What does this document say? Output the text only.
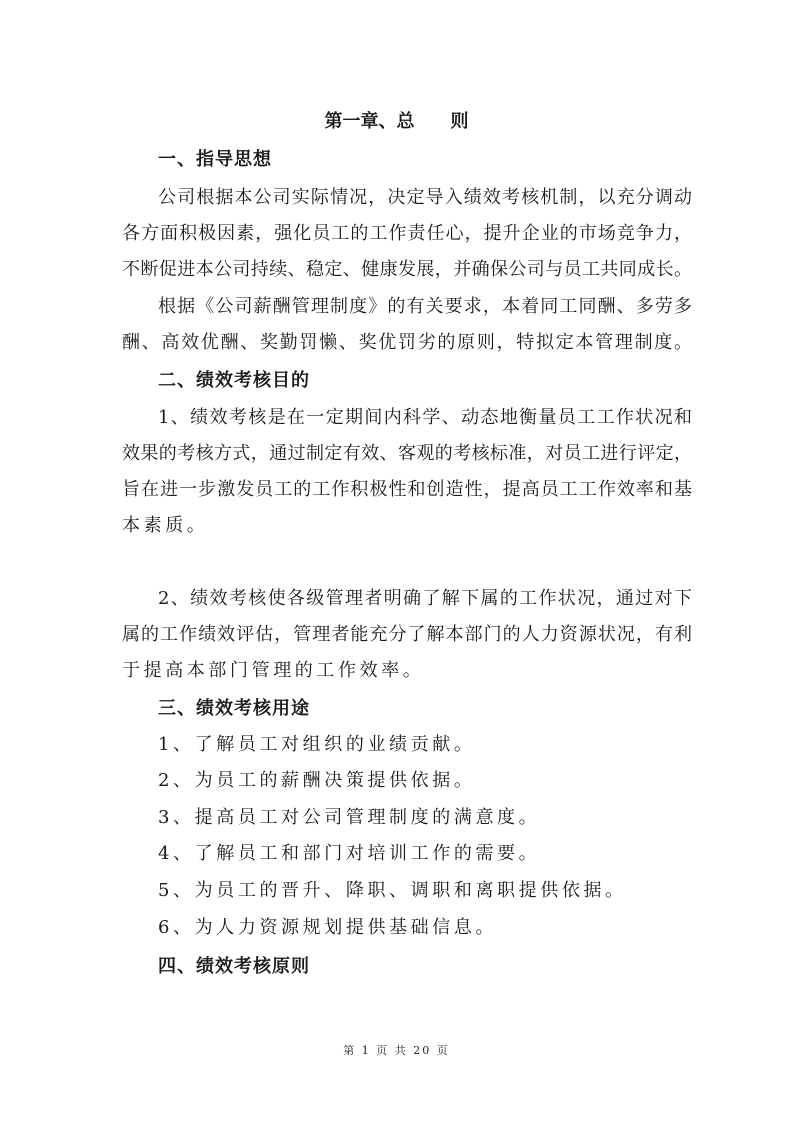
第一章、总 则
一、指导思想
公司根据本公司实际情况，决定导入绩效考核机制，以充分调动
各方面积极因素，强化员工的工作责任心，提升企业的市场竞争力，
不断促进本公司持续、稳定、健康发展，并确保公司与员工共同成长。
根据《公司薪酬管理制度》的有关要求，本着同工同酬、多劳多
酬、高效优酬、奖勤罚懒、奖优罚劣的原则，特拟定本管理制度。
二、绩效考核目的
1、绩效考核是在一定期间内科学、动态地衡量员工工作状况和
效果的考核方式，通过制定有效、客观的考核标准，对员工进行评定，
旨在进一步激发员工的工作积极性和创造性，提高员工工作效率和基
本素质。
2、绩效考核使各级管理者明确了解下属的工作状况，通过对下
属的工作绩效评估，管理者能充分了解本部门的人力资源状况，有利
于提高本部门管理的工作效率。
三、绩效考核用途
1、了解员工对组织的业绩贡献。
2、为员工的薪酬决策提供依据。
3、提高员工对公司管理制度的满意度。
4、了解员工和部门对培训工作的需要。
5、为员工的晋升、降职、调职和离职提供依据。
6、为人力资源规划提供基础信息。
四、绩效考核原则
第 1 页 共 20 页
